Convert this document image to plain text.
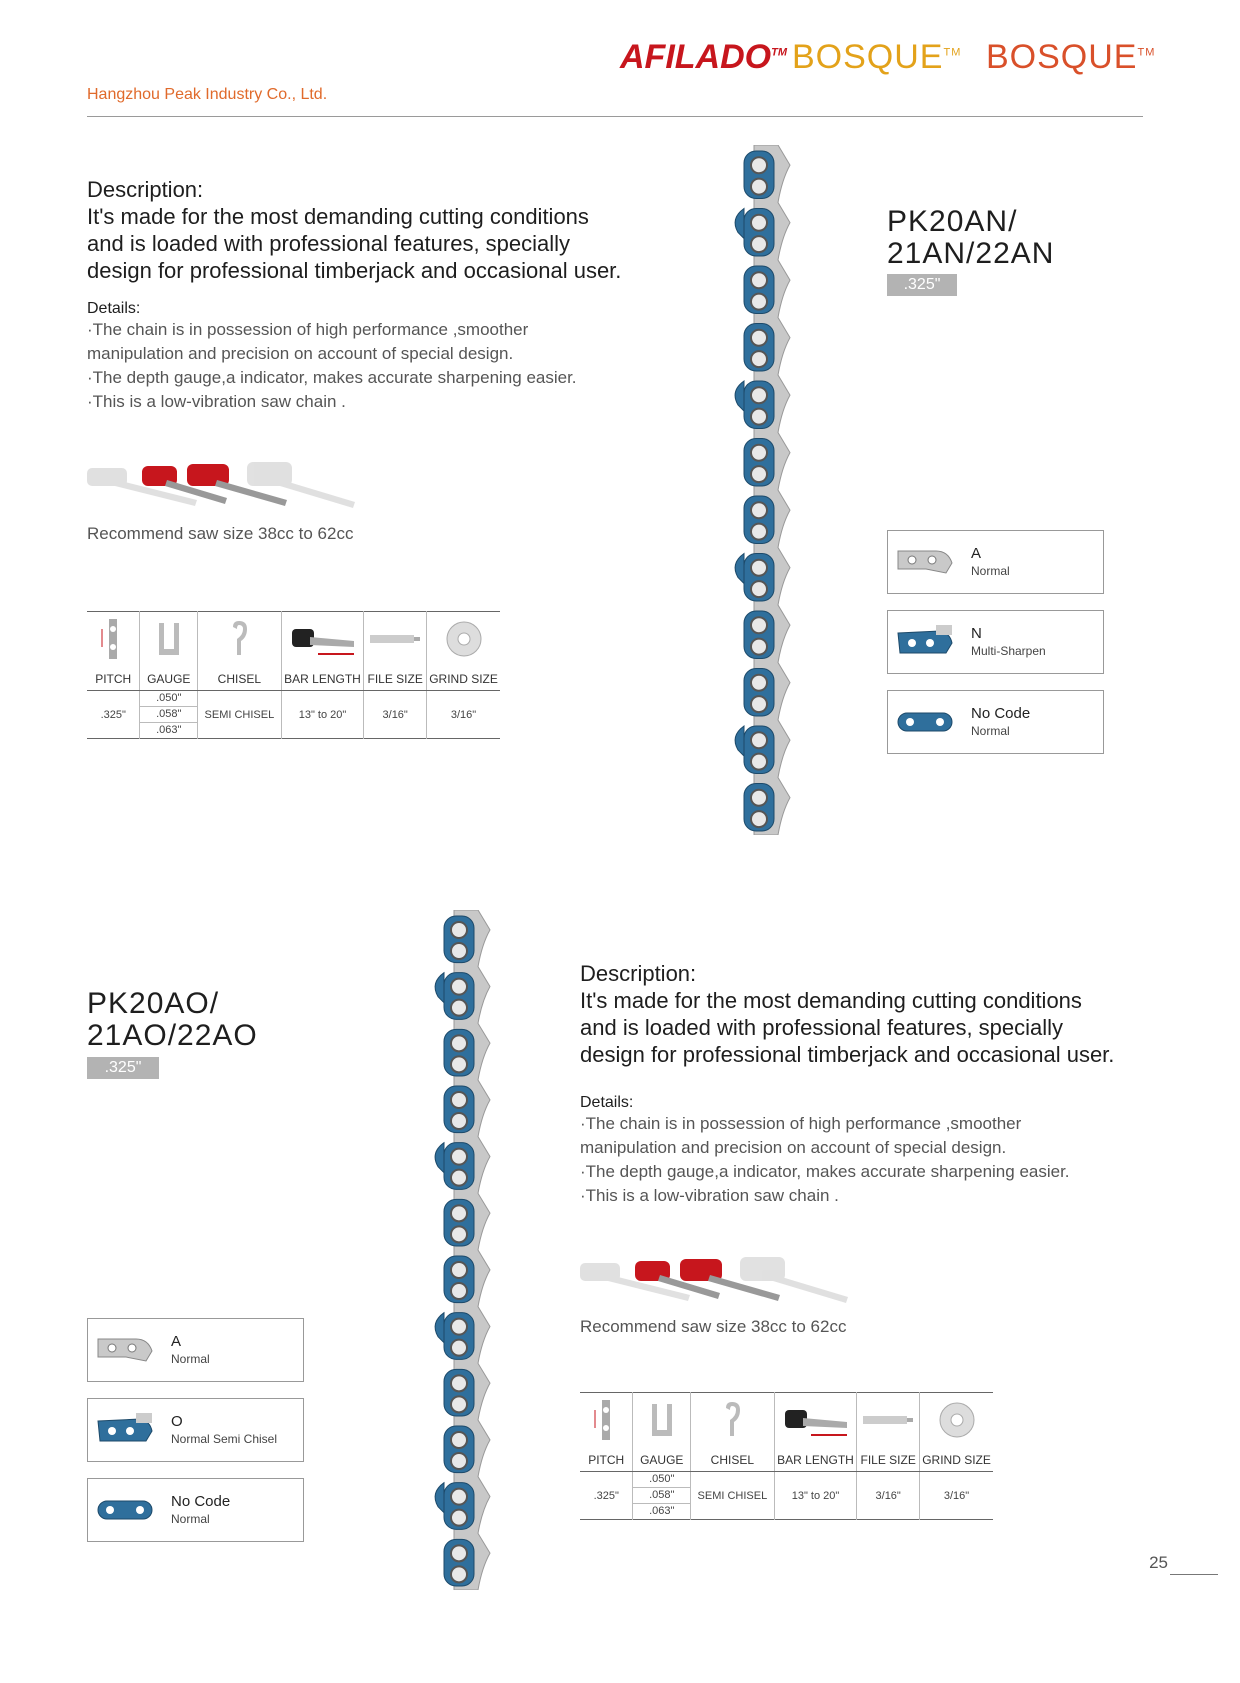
AFILADO™ BOSQUE™ BOSQUE™
Hangzhou Peak Industry Co., Ltd.
Description:
It's made for the most demanding cutting conditions
and is loaded with professional features, specially
design for professional timberjack and occasional user.
Details:
·The chain is in possession of high performance ,smoother
manipulation and precision on account of special design.
·The depth gauge,a indicator, makes accurate sharpening easier.
·This is a low-vibration saw chain .
Recommend saw size 38cc to 62cc

PITCH	GAUGE	CHISEL	BAR LENGTH	FILE SIZE	GRIND SIZE
.325"	.050"
.058"
.063"	SEMI CHISEL	13" to 20"	3/16"	3/16"
PK20AN/
21AN/22AN
.325"
A
Normal
N
Multi-Sharpen
No Code
Normal
PK20AO/
21AO/22AO
.325"
Description:
It's made for the most demanding cutting conditions
and is loaded with professional features, specially
design for professional timberjack and occasional user.
Details:
·The chain is in possession of high performance ,smoother
manipulation and precision on account of special design.
·The depth gauge,a indicator, makes accurate sharpening easier.
·This is a low-vibration saw chain .
Recommend saw size 38cc to 62cc

PITCH	GAUGE	CHISEL	BAR LENGTH	FILE SIZE	GRIND SIZE
.325"	.050"
.058"
.063"	SEMI CHISEL	13" to 20"	3/16"	3/16"
A
Normal
O
Normal Semi Chisel
No Code
Normal
25
